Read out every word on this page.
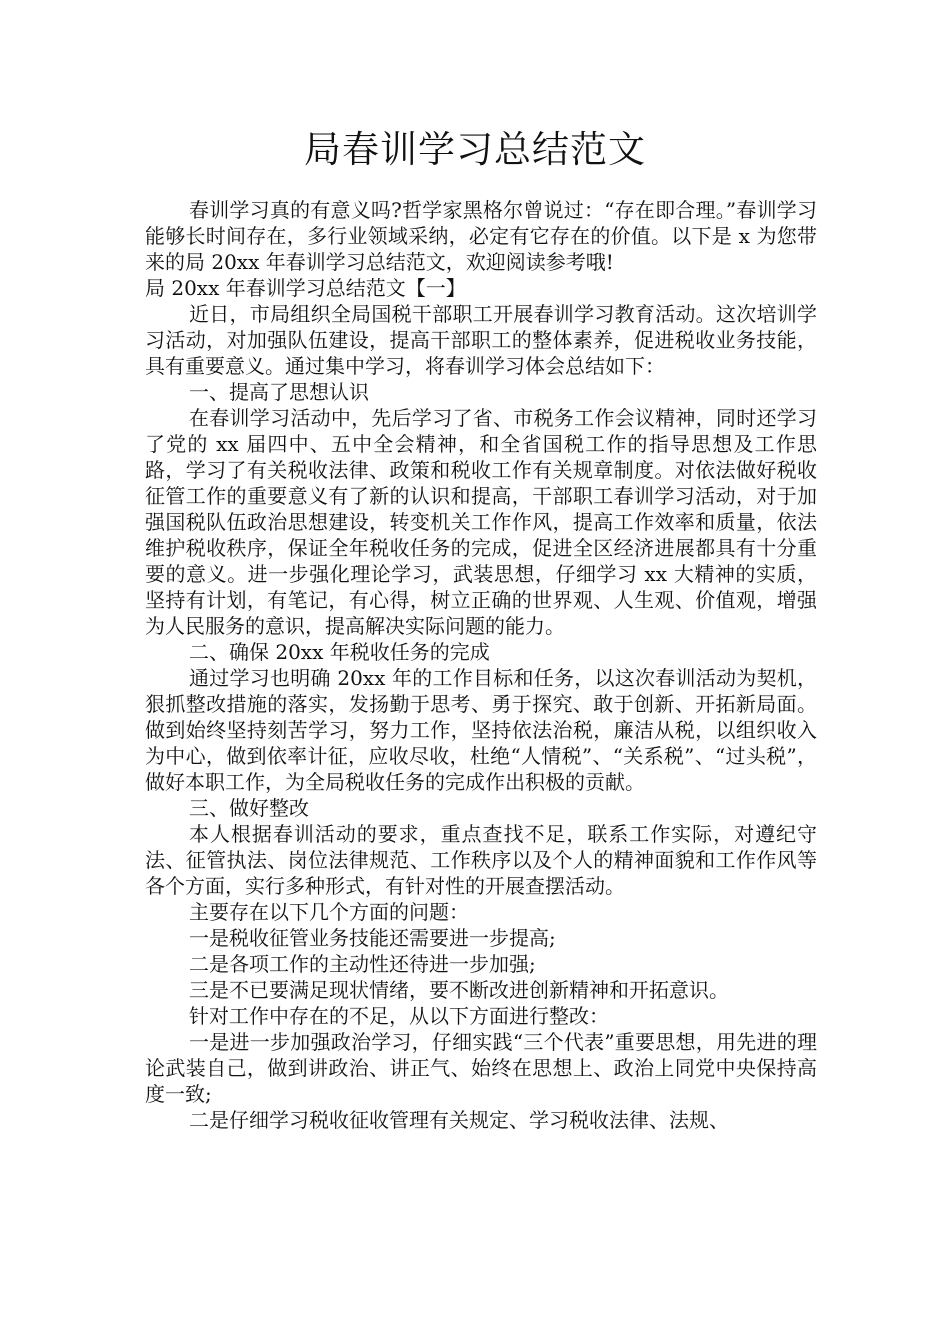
局春训学习总结范文

春训学习真的有意义吗?哲学家黑格尔曾说过：“存在即合理。”春训学习能够长时间存在，多行业领域采纳，必定有它存在的价值。以下是 x 为您带来的局 20xx 年春训学习总结范文，欢迎阅读参考哦!

局 20xx 年春训学习总结范文【一】

近日，市局组织全局国税干部职工开展春训学习教育活动。这次培训学习活动，对加强队伍建设，提高干部职工的整体素养，促进税收业务技能，具有重要意义。通过集中学习，将春训学习体会总结如下：

一、提高了思想认识

在春训学习活动中，先后学习了省、市税务工作会议精神，同时还学习了党的 xx 届四中、五中全会精神，和全省国税工作的指导思想及工作思路，学习了有关税收法律、政策和税收工作有关规章制度。对依法做好税收征管工作的重要意义有了新的认识和提高，干部职工春训学习活动，对于加强国税队伍政治思想建设，转变机关工作作风，提高工作效率和质量，依法维护税收秩序，保证全年税收任务的完成，促进全区经济进展都具有十分重要的意义。进一步强化理论学习，武装思想，仔细学习 xx 大精神的实质，坚持有计划，有笔记，有心得，树立正确的世界观、人生观、价值观，增强为人民服务的意识，提高解决实际问题的能力。

二、确保 20xx 年税收任务的完成

通过学习也明确 20xx 年的工作目标和任务，以这次春训活动为契机，狠抓整改措施的落实，发扬勤于思考、勇于探究、敢于创新、开拓新局面。做到始终坚持刻苦学习，努力工作，坚持依法治税，廉洁从税，以组织收入为中心，做到依率计征，应收尽收，杜绝“人情税”、“关系税”、“过头税”，做好本职工作，为全局税收任务的完成作出积极的贡献。

三、做好整改

本人根据春训活动的要求，重点查找不足，联系工作实际，对遵纪守法、征管执法、岗位法律规范、工作秩序以及个人的精神面貌和工作作风等各个方面，实行多种形式，有针对性的开展查摆活动。

主要存在以下几个方面的问题：

一是税收征管业务技能还需要进一步提高;

二是各项工作的主动性还待进一步加强;

三是不已要满足现状情绪，要不断改进创新精神和开拓意识。

针对工作中存在的不足，从以下方面进行整改：

一是进一步加强政治学习，仔细实践“三个代表”重要思想，用先进的理论武装自己，做到讲政治、讲正气、始终在思想上、政治上同党中央保持高度一致;

二是仔细学习税收征收管理有关规定、学习税收法律、法规、
